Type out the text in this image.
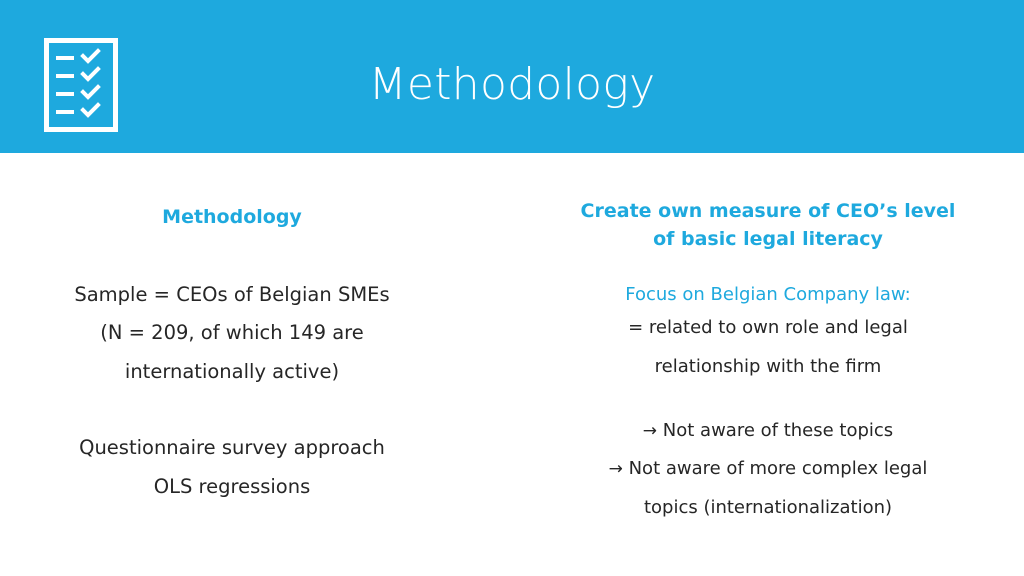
Methodology
Methodology
Sample = CEOs of Belgian SMEs
(N = 209, of which 149 are
internationally active)
Questionnaire survey approach
OLS regressions
Create own measure of CEO’s level
of basic legal literacy
Focus on Belgian Company law:
= related to own role and legal
relationship with the firm
→ Not aware of these topics
→ Not aware of more complex legal
topics (internationalization)
